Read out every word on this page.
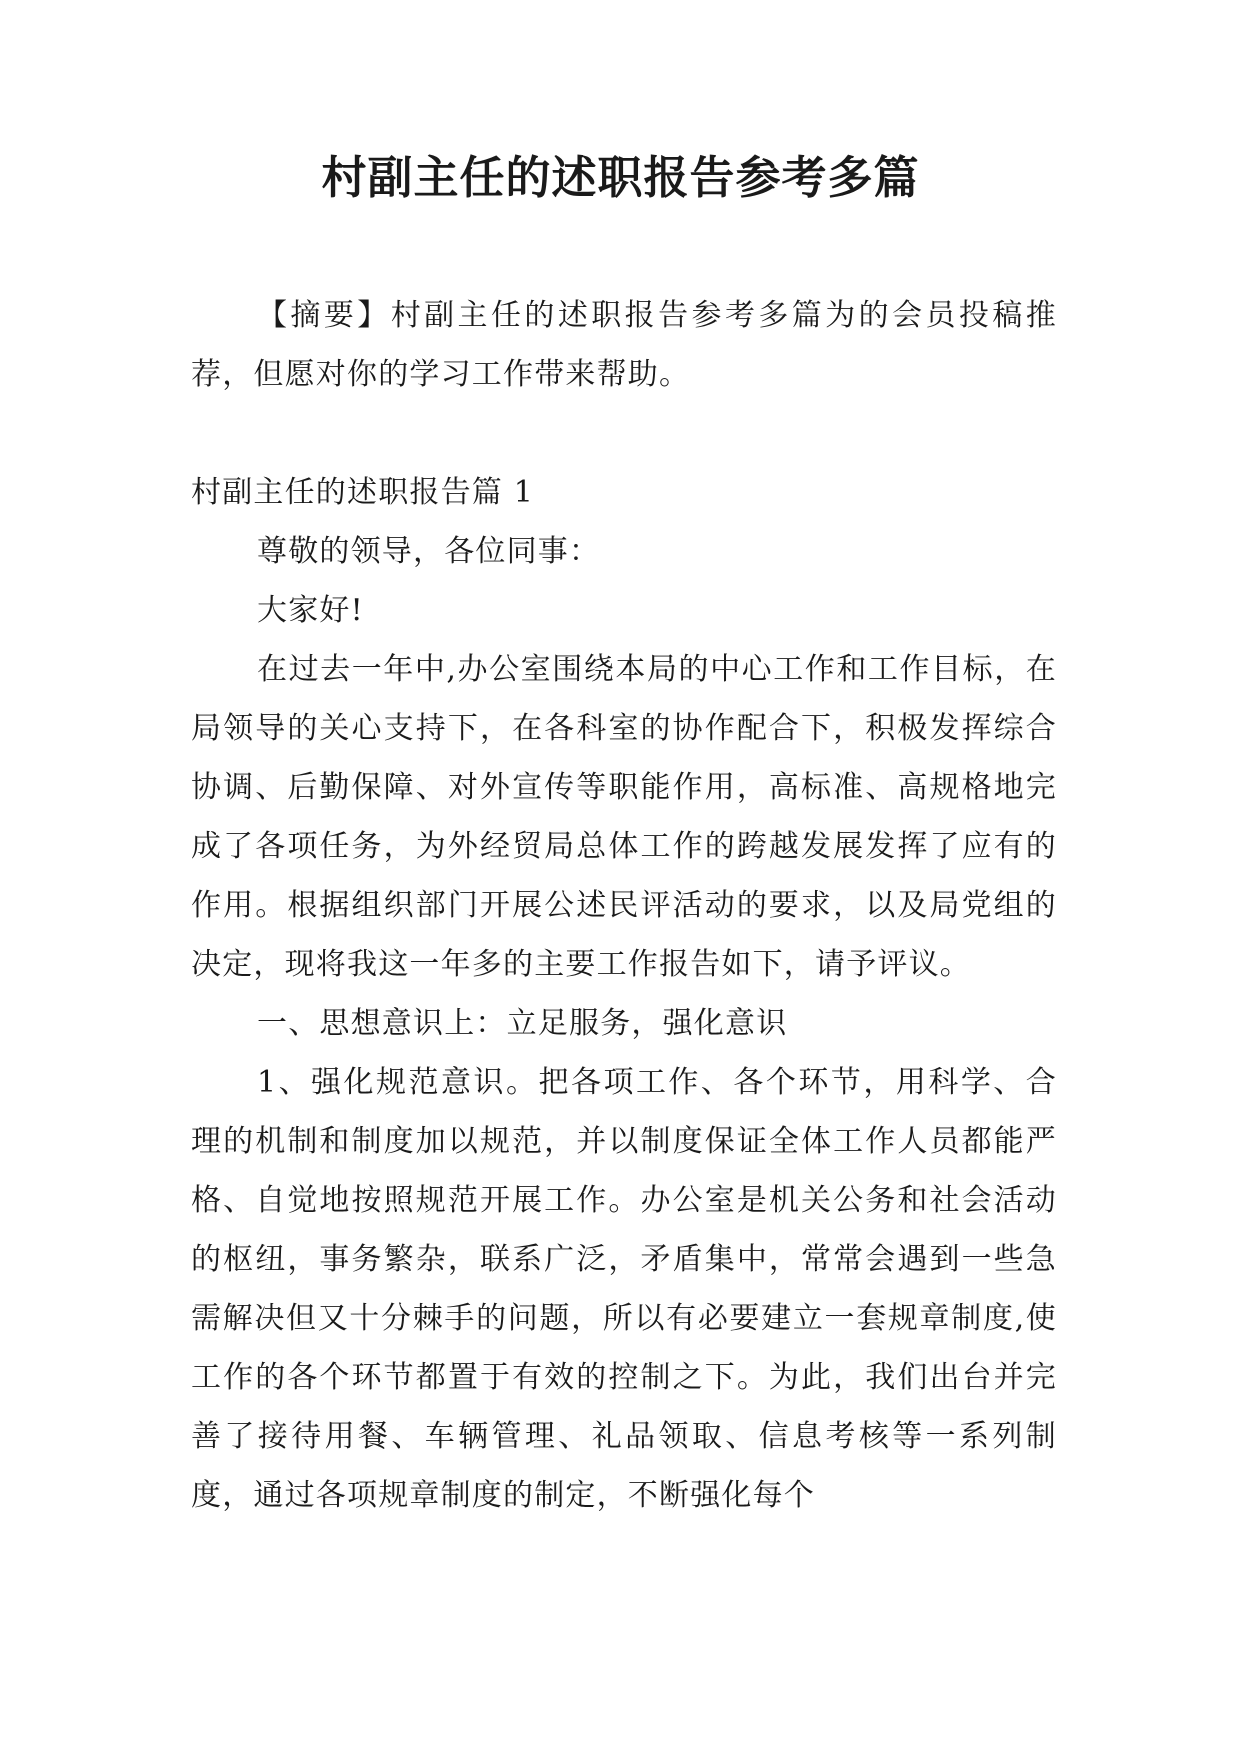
村副主任的述职报告参考多篇

【摘要】村副主任的述职报告参考多篇为的会员投稿推荐，但愿对你的学习工作带来帮助。

村副主任的述职报告篇 1

尊敬的领导，各位同事：

大家好!

在过去一年中,办公室围绕本局的中心工作和工作目标，在局领导的关心支持下，在各科室的协作配合下，积极发挥综合协调、后勤保障、对外宣传等职能作用，高标准、高规格地完成了各项任务，为外经贸局总体工作的跨越发展发挥了应有的作用。根据组织部门开展公述民评活动的要求，以及局党组的决定，现将我这一年多的主要工作报告如下，请予评议。

一、思想意识上：立足服务，强化意识

1、强化规范意识。把各项工作、各个环节，用科学、合理的机制和制度加以规范，并以制度保证全体工作人员都能严格、自觉地按照规范开展工作。办公室是机关公务和社会活动的枢纽，事务繁杂，联系广泛，矛盾集中，常常会遇到一些急需解决但又十分棘手的问题，所以有必要建立一套规章制度,使工作的各个环节都置于有效的控制之下。为此，我们出台并完善了接待用餐、车辆管理、礼品领取、信息考核等一系列制度，通过各项规章制度的制定，不断强化每个
